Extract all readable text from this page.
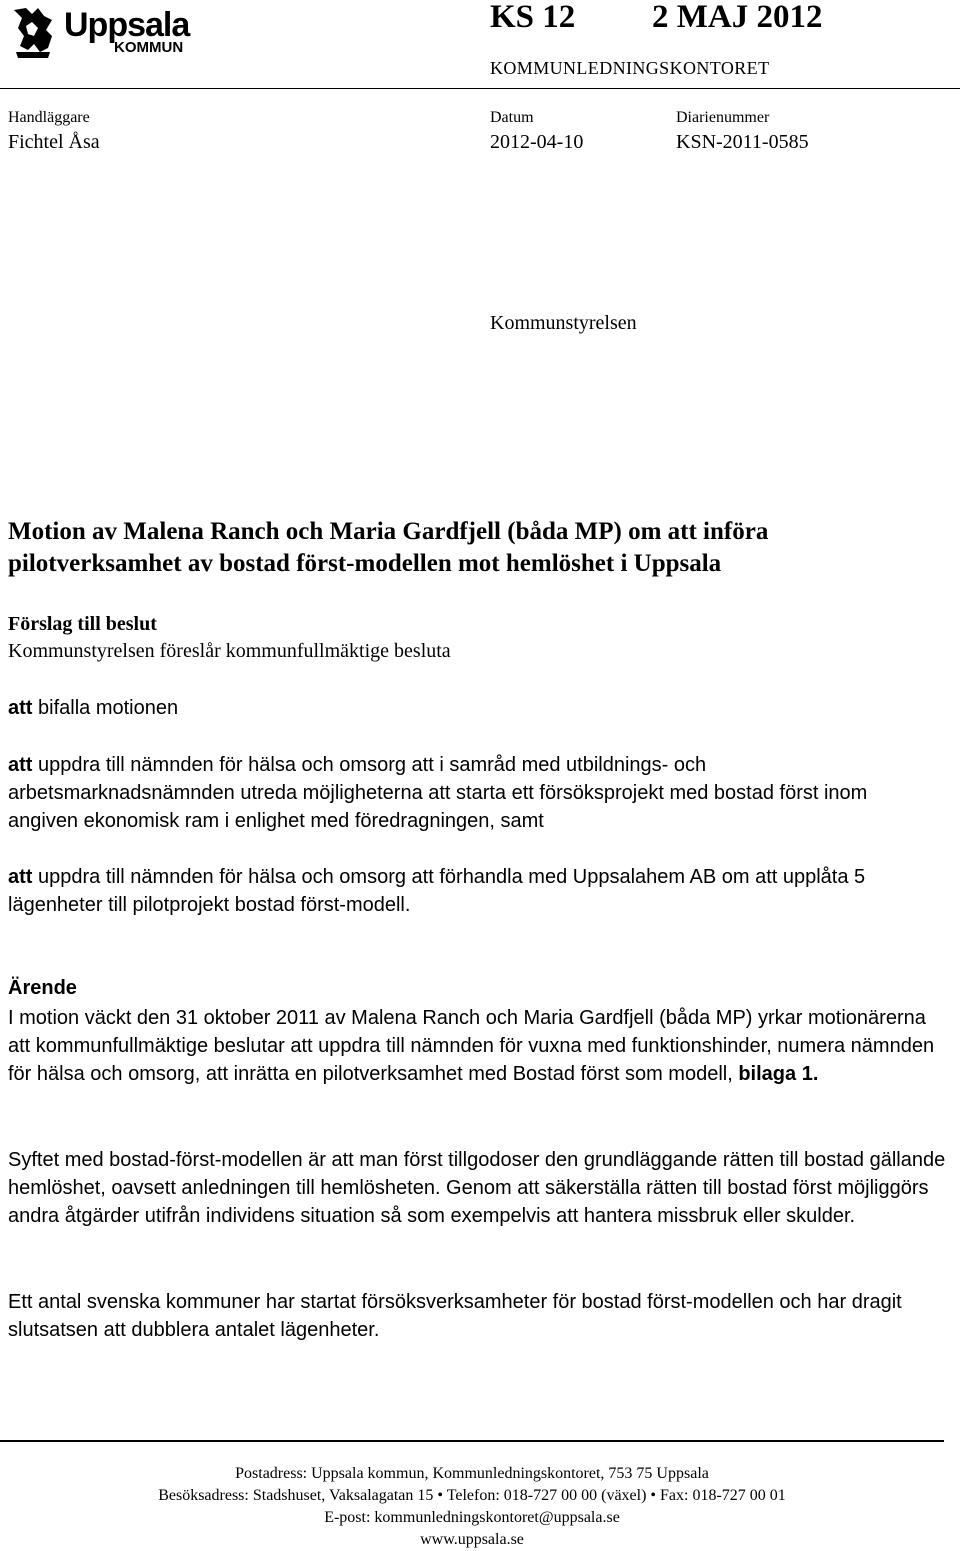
Uppsala
KOMMUN
KS 12 2 MAJ 2012
KOMMUNLEDNINGSKONTORET
Handläggare
Fichtel Åsa
Datum
2012-04-10
Diarienummer
KSN-2011-0585
Kommunstyrelsen
Motion av Malena Ranch och Maria Gardfjell (båda MP) om att införa pilotverksamhet av bostad först-modellen mot hemlöshet i Uppsala
Förslag till beslut
Kommunstyrelsen föreslår kommunfullmäktige besluta
att bifalla motionen
att uppdra till nämnden för hälsa och omsorg att i samråd med utbildnings- och arbetsmarknadsnämnden utreda möjligheterna att starta ett försöksprojekt med bostad först inom angiven ekonomisk ram i enlighet med föredragningen, samt
att uppdra till nämnden för hälsa och omsorg att förhandla med Uppsalahem AB om att upplåta 5 lägenheter till pilotprojekt bostad först-modell.
Ärende
I motion väckt den 31 oktober 2011 av Malena Ranch och Maria Gardfjell (båda MP) yrkar motionärerna att kommunfullmäktige beslutar att uppdra till nämnden för vuxna med funktionshinder, numera nämnden för hälsa och omsorg, att inrätta en pilotverksamhet med Bostad först som modell, bilaga 1.
Syftet med bostad-först-modellen är att man först tillgodoser den grundläggande rätten till bostad gällande hemlöshet, oavsett anledningen till hemlösheten. Genom att säkerställa rätten till bostad först möjliggörs andra åtgärder utifrån individens situation så som exempelvis att hantera missbruk eller skulder.
Ett antal svenska kommuner har startat försöksverksamheter för bostad först-modellen och har dragit slutsatsen att dubblera antalet lägenheter.
Postadress: Uppsala kommun, Kommunledningskontoret, 753 75 Uppsala
Besöksadress: Stadshuset, Vaksalagatan 15 • Telefon: 018-727 00 00 (växel) • Fax: 018-727 00 01
E-post: kommunledningskontoret@uppsala.se
www.uppsala.se
